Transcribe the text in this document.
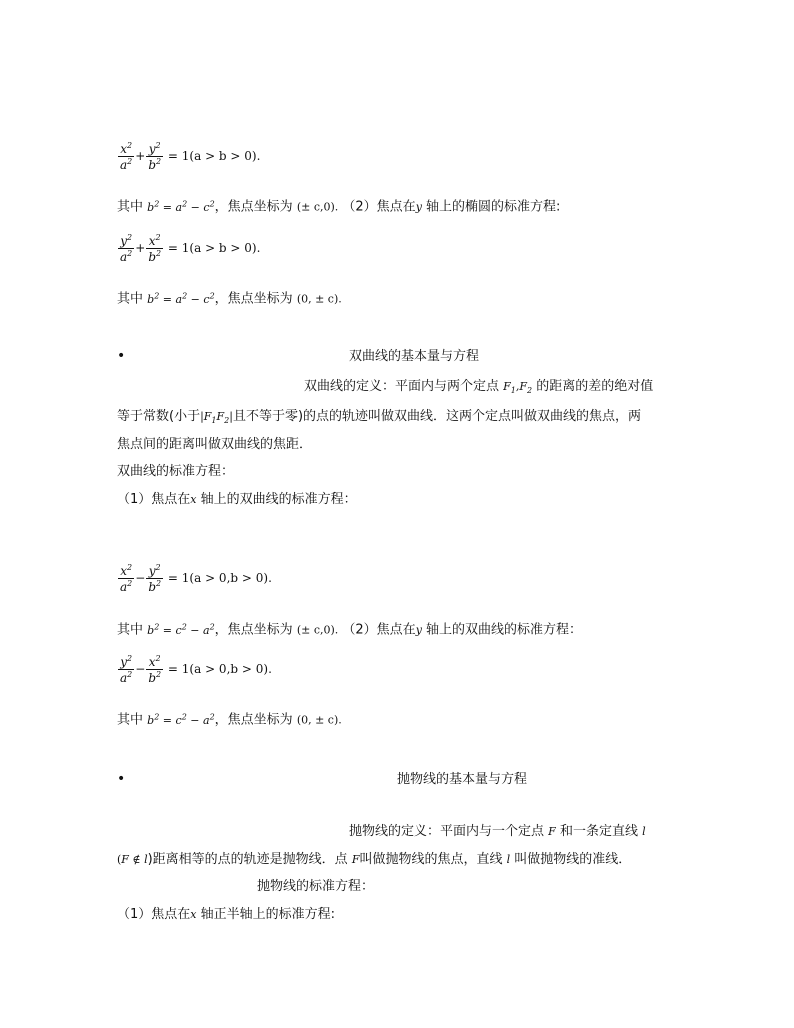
$\frac{x^2}{a^2} + \frac{y^2}{b^2} = 1(a > b > 0)$.
其中 $b^2 = a^2 - c^2$，焦点坐标为 (± c,0). （2）焦点在y 轴上的椭圆的标准方程:
$\frac{y^2}{a^2} + \frac{x^2}{b^2} = 1(a > b > 0)$.
其中 $b^2 = a^2 - c^2$，焦点坐标为 (0, ± c).
•	双曲线的基本量与方程
双曲线的定义：平面内与两个定点 $F_1,F_2$ 的距离的差的绝对值
等于常数(小于$|F_1F_2|$且不等于零)的点的轨迹叫做双曲线．这两个定点叫做双曲线的焦点，两
焦点间的距离叫做双曲线的焦距．
双曲线的标准方程：
（1）焦点在x 轴上的双曲线的标准方程：
$\frac{x^2}{a^2} - \frac{y^2}{b^2} = 1(a > 0,b > 0)$.
其中 $b^2 = c^2 - a^2$，焦点坐标为 (± c,0). （2）焦点在y 轴上的双曲线的标准方程：
$\frac{y^2}{a^2} - \frac{x^2}{b^2} = 1(a > 0,b > 0)$.
其中 $b^2 = c^2 - a^2$，焦点坐标为 (0, ± c).
•	抛物线的基本量与方程
抛物线的定义：平面内与一个定点 F 和一条定直线 l
(F ∉ l)距离相等的点的轨迹是抛物线．点 F叫做抛物线的焦点，直线 l 叫做抛物线的准线．
抛物线的标准方程：
（1）焦点在x 轴正半轴上的标准方程:
